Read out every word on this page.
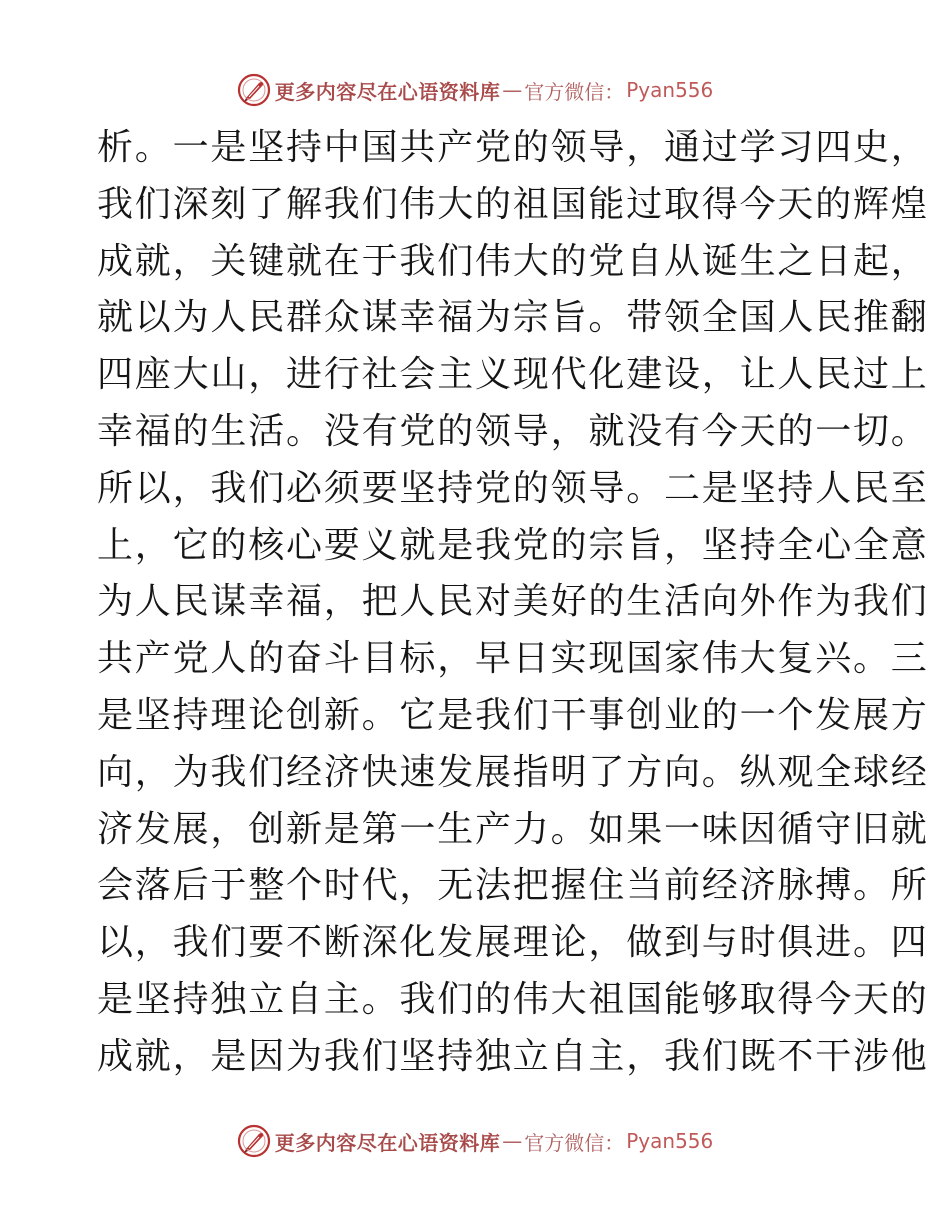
更多内容尽在心语资料库 — 官方微信： Pyan556
析。一是坚持中国共产党的领导，通过学习四史，
我们深刻了解我们伟大的祖国能过取得今天的辉煌
成就，关键就在于我们伟大的党自从诞生之日起，
就以为人民群众谋幸福为宗旨。带领全国人民推翻
四座大山，进行社会主义现代化建设，让人民过上
幸福的生活。没有党的领导，就没有今天的一切。
所以，我们必须要坚持党的领导。二是坚持人民至
上，它的核心要义就是我党的宗旨，坚持全心全意
为人民谋幸福，把人民对美好的生活向外作为我们
共产党人的奋斗目标，早日实现国家伟大复兴。三
是坚持理论创新。它是我们干事创业的一个发展方
向，为我们经济快速发展指明了方向。纵观全球经
济发展，创新是第一生产力。如果一味因循守旧就
会落后于整个时代，无法把握住当前经济脉搏。所
以，我们要不断深化发展理论，做到与时俱进。四
是坚持独立自主。我们的伟大祖国能够取得今天的
成就，是因为我们坚持独立自主，我们既不干涉他
更多内容尽在心语资料库 — 官方微信： Pyan556
